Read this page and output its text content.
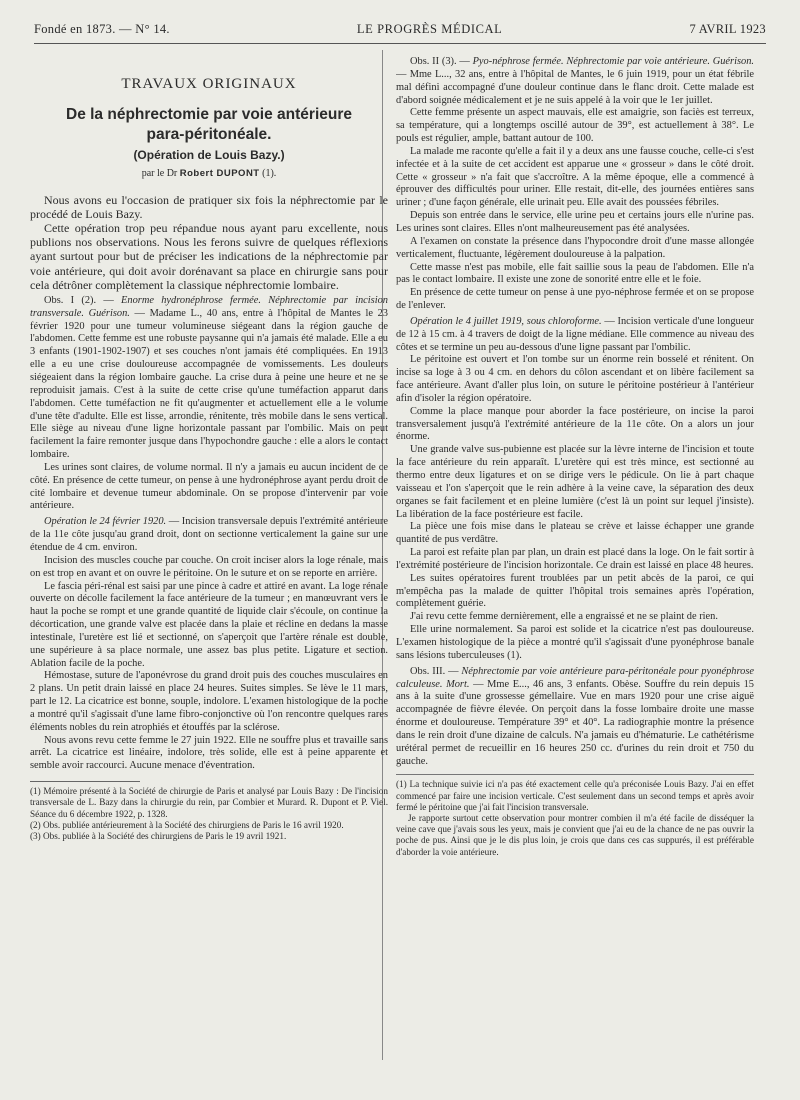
Fondé en 1873. — N° 14.	LE PROGRÈS MÉDICAL	7 AVRIL 1923
TRAVAUX ORIGINAUX
De la néphrectomie par voie antérieure
para-péritonéale.
(Opération de Louis Bazy.)
par le Dr Robert DUPONT (1).

Nous avons eu l'occasion de pratiquer six fois la néphrectomie par le procédé de Louis Bazy.

Cette opération trop peu répandue nous ayant paru excellente, nous publions nos observations. Nous les ferons suivre de quelques réflexions ayant surtout pour but de préciser les indications de la néphrectomie par voie antérieure, qui doit avoir dorénavant sa place en chirurgie sans pour cela détrôner complètement la classique néphrectomie lombaire.

Obs. I (2). — Enorme hydronéphrose fermée. Néphrectomie par incision transversale. Guérison. — Madame L., 40 ans, entre à l'hôpital de Mantes le 23 février 1920 pour une tumeur volumineuse siégeant dans la région gauche de l'abdomen. Cette femme est une robuste paysanne qui n'a jamais été malade. Elle a eu 3 enfants (1901-1902-1907) et ses couches n'ont jamais été compliquées. En 1913 elle a eu une crise douloureuse accompagnée de vomissements. Les douleurs siégeaient dans la région lombaire gauche. La crise dura à peine une heure et ne se reproduisit jamais. C'est à la suite de cette crise qu'une tuméfaction apparut dans l'abdomen. Cette tuméfaction ne fit qu'augmenter et actuellement elle a le volume d'une tête d'adulte. Elle est lisse, arrondie, rénitente, très mobile dans le sens vertical. Elle siège au niveau d'une ligne horizontale passant par l'ombilic. Mais on peut facilement la faire remonter jusque dans l'hypochondre gauche : elle a alors le contact lombaire.

Les urines sont claires, de volume normal. Il n'y a jamais eu aucun incident de ce côté. En présence de cette tumeur, on pense à une hydronéphrose ayant perdu droit de cité lombaire et devenue tumeur abdominale. On se propose d'intervenir par voie antérieure.

Opération le 24 février 1920. — Incision transversale depuis l'extrémité antérieure de la 11e côte jusqu'au grand droit, dont on sectionne verticalement la gaine sur une étendue de 4 cm. environ.

Incision des muscles couche par couche. On croit inciser alors la loge rénale, mais on est trop en avant et on ouvre le péritoine. On le suture et on se reporte en arrière.

Le fascia péri-rénal est saisi par une pince à cadre et attiré en avant. La loge rénale ouverte on décolle facilement la face antérieure de la tumeur ; en manœuvrant vers le haut la poche se rompt et une grande quantité de liquide clair s'écoule, on continue la décortication, une grande valve est placée dans la plaie et récline en dedans la masse intestinale, l'uretère est lié et sectionné, on s'aperçoit que l'artère rénale est double, une supérieure à sa place normale, une assez bas plus petite. Ligature et section. Ablation facile de la poche.

Hémostase, suture de l'aponévrose du grand droit puis des couches musculaires en 2 plans. Un petit drain laissé en place 24 heures. Suites simples. Se lève le 11 mars, part le 12. La cicatrice est bonne, souple, indolore. L'examen histologique de la poche a montré qu'il s'agissait d'une lame fibro-conjonctive où l'on rencontre quelques rares éléments nobles du rein atrophiés et étouffés par la sclérose.

Nous avons revu cette femme le 27 juin 1922. Elle ne souffre plus et travaille sans arrêt. La cicatrice est linéaire, indolore, très solide, elle est à peine apparente et semble avoir raccourci. Aucune menace d'éventration.

(1) Mémoire présenté à la Société de chirurgie de Paris et analysé par Louis Bazy : De l'incision transversale de L. Bazy dans la chirurgie du rein, par Combier et Murard. R. Dupont et P. Viel. Séance du 6 décembre 1922, p. 1328.

(2) Obs. publiée antérieurement à la Société des chirurgiens de Paris le 16 avril 1920.

(3) Obs. publiée à la Société des chirurgiens de Paris le 19 avril 1921.

Obs. II (3). — Pyo-néphrose fermée. Néphrectomie par voie antérieure. Guérison. — Mme L..., 32 ans, entre à l'hôpital de Mantes, le 6 juin 1919, pour un état fébrile mal défini accompagné d'une douleur continue dans le flanc droit. Cette malade est d'abord soignée médicalement et je ne suis appelé à la voir que le 1er juillet.

Cette femme présente un aspect mauvais, elle est amaigrie, son faciès est terreux, sa température, qui a longtemps oscillé autour de 39°, est actuellement à 38°. Le pouls est régulier, ample, battant autour de 100.

La malade me raconte qu'elle a fait il y a deux ans une fausse couche, celle-ci s'est infectée et à la suite de cet accident est apparue une « grosseur » dans le côté droit. Cette « grosseur » n'a fait que s'accroître. A la même époque, elle a commencé à éprouver des difficultés pour uriner. Elle restait, dit-elle, des journées entières sans uriner ; d'une façon générale, elle urinait peu. Elle avait des poussées fébriles.

Depuis son entrée dans le service, elle urine peu et certains jours elle n'urine pas. Les urines sont claires. Elles n'ont malheureusement pas été analysées.

A l'examen on constate la présence dans l'hypocondre droit d'une masse allongée verticalement, fluctuante, légèrement douloureuse à la palpation.

Cette masse n'est pas mobile, elle fait saillie sous la peau de l'abdomen. Elle n'a pas le contact lombaire. Il existe une zone de sonorité entre elle et le foie.

En présence de cette tumeur on pense à une pyo-néphrose fermée et on se propose de l'enlever.

Opération le 4 juillet 1919, sous chloroforme. — Incision verticale d'une longueur de 12 à 15 cm. à 4 travers de doigt de la ligne médiane. Elle commence au niveau des côtes et se termine un peu au-dessous d'une ligne passant par l'ombilic.

Le péritoine est ouvert et l'on tombe sur un énorme rein bosselé et rénitent. On incise sa loge à 3 ou 4 cm. en dehors du côlon ascendant et on libère facilement sa face antérieure. Avant d'aller plus loin, on suture le péritoine postérieur à l'antérieur afin d'isoler la région opératoire.

Comme la place manque pour aborder la face postérieure, on incise la paroi transversalement jusqu'à l'extrémité antérieure de la 11e côte. On a alors un jour énorme.

Une grande valve sus-pubienne est placée sur la lèvre interne de l'incision et toute la face antérieure du rein apparaît. L'uretère qui est très mince, est sectionné au thermo entre deux ligatures et on se dirige vers le pédicule. On lie à part chaque vaisseau et l'on s'aperçoit que le rein adhère à la veine cave, la séparation des deux organes se fait facilement et en pleine lumière (c'est là un point sur lequel j'insiste). La libération de la face postérieure est facile.

La pièce une fois mise dans le plateau se crève et laisse échapper une grande quantité de pus verdâtre.

La paroi est refaite plan par plan, un drain est placé dans la loge. On le fait sortir à l'extrémité postérieure de l'incision horizontale. Ce drain est laissé en place 48 heures.

Les suites opératoires furent troublées par un petit abcès de la paroi, ce qui m'empêcha pas la malade de quitter l'hôpital trois semaines après l'opération, complètement guérie.

J'ai revu cette femme dernièrement, elle a engraissé et ne se plaint de rien.

Elle urine normalement. Sa paroi est solide et la cicatrice n'est pas douloureuse. L'examen histologique de la pièce a montré qu'il s'agissait d'une pyonéphrose banale sans lésions tuberculeuses (1).

Obs. III. — Néphrectomie par voie antérieure para-péritonéale pour pyonéphrose calculeuse. Mort. — Mme E..., 46 ans, 3 enfants. Obèse. Souffre du rein depuis 15 ans à la suite d'une grossesse gémellaire. Vue en mars 1920 pour une crise aiguë accompagnée de fièvre élevée. On perçoit dans la fosse lombaire droite une masse énorme et douloureuse. Température 39° et 40°. La radiographie montre la présence dans le rein droit d'une dizaine de calculs. N'a jamais eu d'hématurie. Le cathétérisme urétéral permet de recueillir en 16 heures 250 cc. d'urines du rein droit et 750 du gauche.

(1) La technique suivie ici n'a pas été exactement celle qu'a préconisée Louis Bazy. J'ai en effet commencé par faire une incision verticale. C'est seulement dans un second temps et après avoir fermé le péritoine que j'ai fait l'incision transversale.

Je rapporte surtout cette observation pour montrer combien il m'a été facile de disséquer la veine cave que j'avais sous les yeux, mais je convient que j'ai eu de la chance de ne pas ouvrir la poche de pus. Ainsi que je le dis plus loin, je crois que dans ces cas suppurés, il est préférable d'aborder la voie antérieure.
